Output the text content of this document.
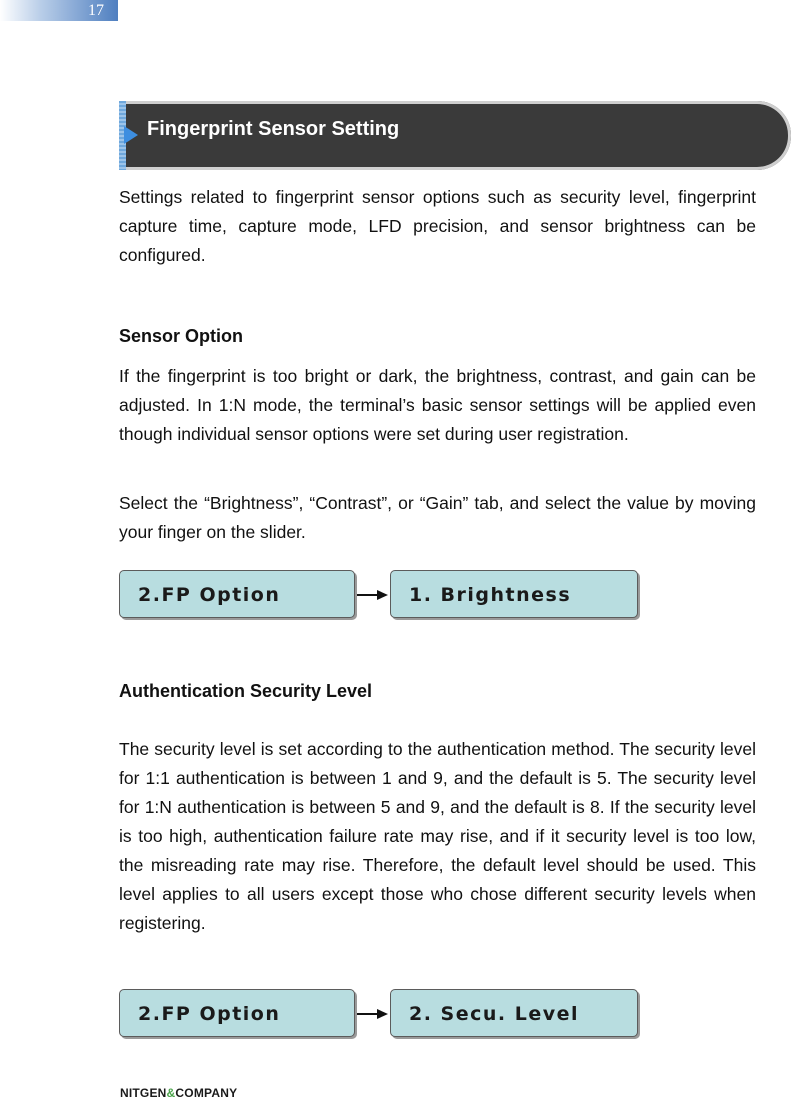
17
Fingerprint Sensor Setting

Settings related to fingerprint sensor options such as security level, fingerprint capture time, capture mode, LFD precision, and sensor brightness can be configured.

Sensor Option

If the fingerprint is too bright or dark, the brightness, contrast, and gain can be adjusted. In 1:N mode, the terminal’s basic sensor settings will be applied even though individual sensor options were set during user registration.

Select the “Brightness”, “Contrast”, or “Gain” tab, and select the value by moving your finger on the slider.

2.FP Option	1. Brightness

Authentication Security Level

The security level is set according to the authentication method. The security level for 1:1 authentication is between 1 and 9, and the default is 5. The security level for 1:N authentication is between 5 and 9, and the default is 8. If the security level is too high, authentication failure rate may rise, and if it security level is too low, the misreading rate may rise. Therefore, the default level should be used. This level applies to all users except those who chose different security levels when registering.

2.FP Option	2. Secu. Level
NITGEN&COMPANY
